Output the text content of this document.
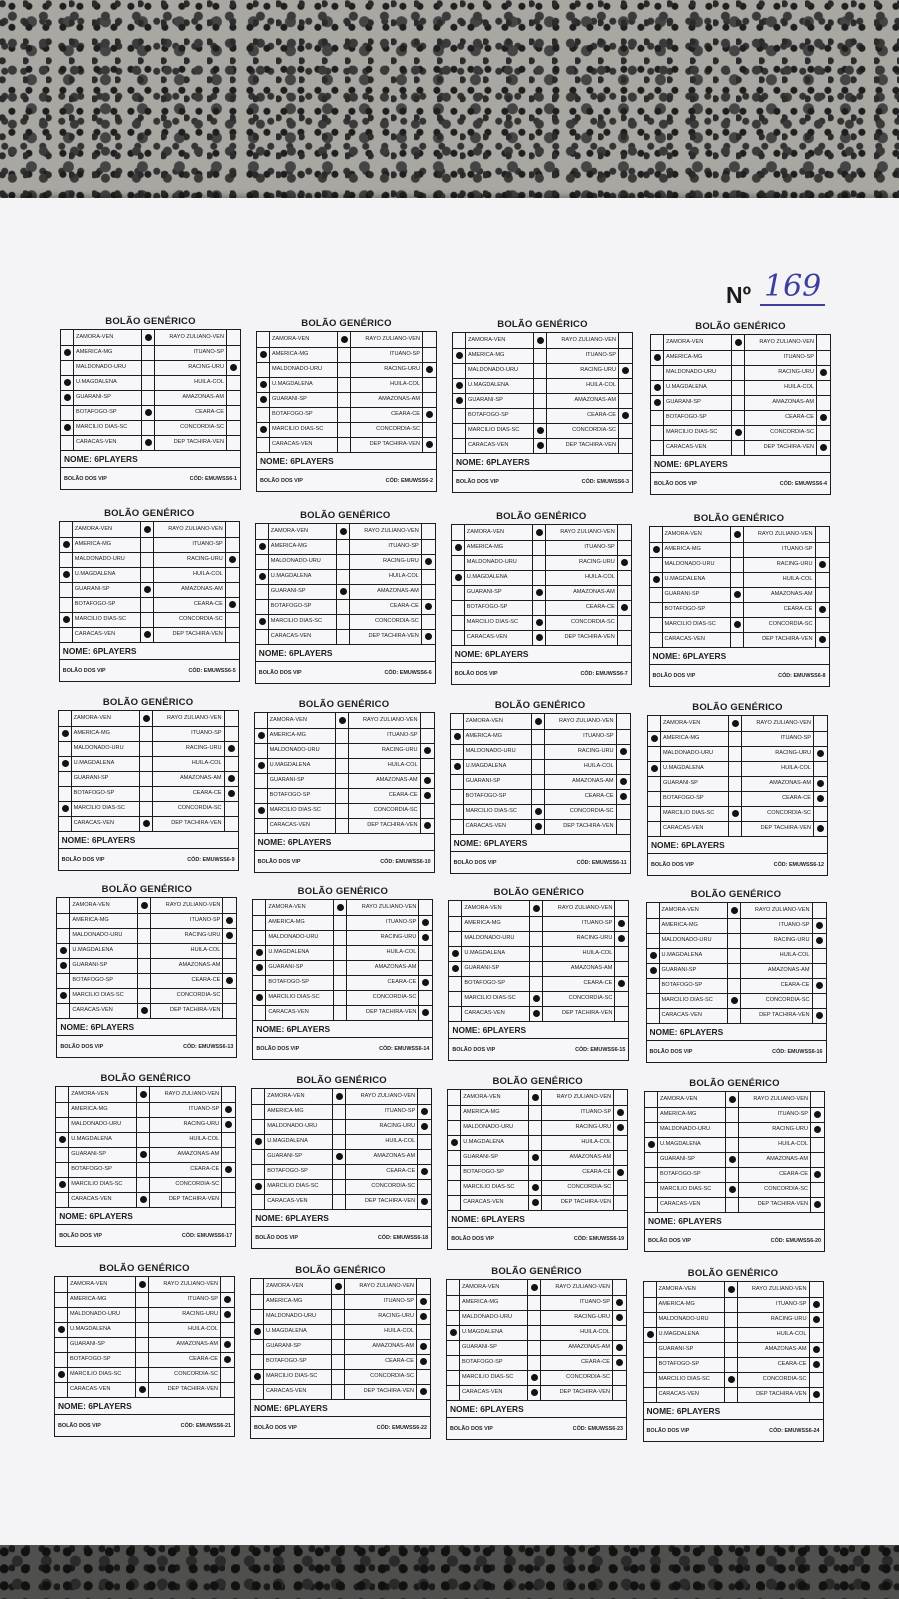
Nº 169
BOLÃO GENÉRICO
ZAMORA-VEN	RAYO ZULIANO-VEN
AMERICA-MG	ITUANO-SP
MALDONADO-URU	RACING-URU
U.MAGDALENA	HUILA-COL
GUARANI-SP	AMAZONAS-AM
BOTAFOGO-SP	CEARA-CE
MARCILIO DIAS-SC	CONCORDIA-SC
CARACAS-VEN	DEP TACHIRA-VEN
NOME: 6PLAYERS
BOLÃO DOS VIP	CÓD: EMUWSS6-1
BOLÃO GENÉRICO
ZAMORA-VEN	RAYO ZULIANO-VEN
AMERICA-MG	ITUANO-SP
MALDONADO-URU	RACING-URU
U.MAGDALENA	HUILA-COL
GUARANI-SP	AMAZONAS-AM
BOTAFOGO-SP	CEARA-CE
MARCILIO DIAS-SC	CONCORDIA-SC
CARACAS-VEN	DEP TACHIRA-VEN
NOME: 6PLAYERS
BOLÃO DOS VIP	CÓD: EMUWSS6-2
BOLÃO GENÉRICO
ZAMORA-VEN	RAYO ZULIANO-VEN
AMERICA-MG	ITUANO-SP
MALDONADO-URU	RACING-URU
U.MAGDALENA	HUILA-COL
GUARANI-SP	AMAZONAS-AM
BOTAFOGO-SP	CEARA-CE
MARCILIO DIAS-SC	CONCORDIA-SC
CARACAS-VEN	DEP TACHIRA-VEN
NOME: 6PLAYERS
BOLÃO DOS VIP	CÓD: EMUWSS6-3
BOLÃO GENÉRICO
ZAMORA-VEN	RAYO ZULIANO-VEN
AMERICA-MG	ITUANO-SP
MALDONADO-URU	RACING-URU
U.MAGDALENA	HUILA-COL
GUARANI-SP	AMAZONAS-AM
BOTAFOGO-SP	CEARA-CE
MARCILIO DIAS-SC	CONCORDIA-SC
CARACAS-VEN	DEP TACHIRA-VEN
NOME: 6PLAYERS
BOLÃO DOS VIP	CÓD: EMUWSS6-4
BOLÃO GENÉRICO
ZAMORA-VEN	RAYO ZULIANO-VEN
AMERICA-MG	ITUANO-SP
MALDONADO-URU	RACING-URU
U.MAGDALENA	HUILA-COL
GUARANI-SP	AMAZONAS-AM
BOTAFOGO-SP	CEARA-CE
MARCILIO DIAS-SC	CONCORDIA-SC
CARACAS-VEN	DEP TACHIRA-VEN
NOME: 6PLAYERS
BOLÃO DOS VIP	CÓD: EMUWSS6-5
BOLÃO GENÉRICO
ZAMORA-VEN	RAYO ZULIANO-VEN
AMERICA-MG	ITUANO-SP
MALDONADO-URU	RACING-URU
U.MAGDALENA	HUILA-COL
GUARANI-SP	AMAZONAS-AM
BOTAFOGO-SP	CEARA-CE
MARCILIO DIAS-SC	CONCORDIA-SC
CARACAS-VEN	DEP TACHIRA-VEN
NOME: 6PLAYERS
BOLÃO DOS VIP	CÓD: EMUWSS6-6
BOLÃO GENÉRICO
ZAMORA-VEN	RAYO ZULIANO-VEN
AMERICA-MG	ITUANO-SP
MALDONADO-URU	RACING-URU
U.MAGDALENA	HUILA-COL
GUARANI-SP	AMAZONAS-AM
BOTAFOGO-SP	CEARA-CE
MARCILIO DIAS-SC	CONCORDIA-SC
CARACAS-VEN	DEP TACHIRA-VEN
NOME: 6PLAYERS
BOLÃO DOS VIP	CÓD: EMUWSS6-7
BOLÃO GENÉRICO
ZAMORA-VEN	RAYO ZULIANO-VEN
AMERICA-MG	ITUANO-SP
MALDONADO-URU	RACING-URU
U.MAGDALENA	HUILA-COL
GUARANI-SP	AMAZONAS-AM
BOTAFOGO-SP	CEARA-CE
MARCILIO DIAS-SC	CONCORDIA-SC
CARACAS-VEN	DEP TACHIRA-VEN
NOME: 6PLAYERS
BOLÃO DOS VIP	CÓD: EMUWSS6-8
BOLÃO GENÉRICO
ZAMORA-VEN	RAYO ZULIANO-VEN
AMERICA-MG	ITUANO-SP
MALDONADO-URU	RACING-URU
U.MAGDALENA	HUILA-COL
GUARANI-SP	AMAZONAS-AM
BOTAFOGO-SP	CEARA-CE
MARCILIO DIAS-SC	CONCORDIA-SC
CARACAS-VEN	DEP TACHIRA-VEN
NOME: 6PLAYERS
BOLÃO DOS VIP	CÓD: EMUWSS6-9
BOLÃO GENÉRICO
ZAMORA-VEN	RAYO ZULIANO-VEN
AMERICA-MG	ITUANO-SP
MALDONADO-URU	RACING-URU
U.MAGDALENA	HUILA-COL
GUARANI-SP	AMAZONAS-AM
BOTAFOGO-SP	CEARA-CE
MARCILIO DIAS-SC	CONCORDIA-SC
CARACAS-VEN	DEP TACHIRA-VEN
NOME: 6PLAYERS
BOLÃO DOS VIP	CÓD: EMUWSS6-10
BOLÃO GENÉRICO
ZAMORA-VEN	RAYO ZULIANO-VEN
AMERICA-MG	ITUANO-SP
MALDONADO-URU	RACING-URU
U.MAGDALENA	HUILA-COL
GUARANI-SP	AMAZONAS-AM
BOTAFOGO-SP	CEARA-CE
MARCILIO DIAS-SC	CONCORDIA-SC
CARACAS-VEN	DEP TACHIRA-VEN
NOME: 6PLAYERS
BOLÃO DOS VIP	CÓD: EMUWSS6-11
BOLÃO GENÉRICO
ZAMORA-VEN	RAYO ZULIANO-VEN
AMERICA-MG	ITUANO-SP
MALDONADO-URU	RACING-URU
U.MAGDALENA	HUILA-COL
GUARANI-SP	AMAZONAS-AM
BOTAFOGO-SP	CEARA-CE
MARCILIO DIAS-SC	CONCORDIA-SC
CARACAS-VEN	DEP TACHIRA-VEN
NOME: 6PLAYERS
BOLÃO DOS VIP	CÓD: EMUWSS6-12
BOLÃO GENÉRICO
ZAMORA-VEN	RAYO ZULIANO-VEN
AMERICA-MG	ITUANO-SP
MALDONADO-URU	RACING-URU
U.MAGDALENA	HUILA-COL
GUARANI-SP	AMAZONAS-AM
BOTAFOGO-SP	CEARA-CE
MARCILIO DIAS-SC	CONCORDIA-SC
CARACAS-VEN	DEP TACHIRA-VEN
NOME: 6PLAYERS
BOLÃO DOS VIP	CÓD: EMUWSS6-13
BOLÃO GENÉRICO
ZAMORA-VEN	RAYO ZULIANO-VEN
AMERICA-MG	ITUANO-SP
MALDONADO-URU	RACING-URU
U.MAGDALENA	HUILA-COL
GUARANI-SP	AMAZONAS-AM
BOTAFOGO-SP	CEARA-CE
MARCILIO DIAS-SC	CONCORDIA-SC
CARACAS-VEN	DEP TACHIRA-VEN
NOME: 6PLAYERS
BOLÃO DOS VIP	CÓD: EMUWSS6-14
BOLÃO GENÉRICO
ZAMORA-VEN	RAYO ZULIANO-VEN
AMERICA-MG	ITUANO-SP
MALDONADO-URU	RACING-URU
U.MAGDALENA	HUILA-COL
GUARANI-SP	AMAZONAS-AM
BOTAFOGO-SP	CEARA-CE
MARCILIO DIAS-SC	CONCORDIA-SC
CARACAS-VEN	DEP TACHIRA-VEN
NOME: 6PLAYERS
BOLÃO DOS VIP	CÓD: EMUWSS6-15
BOLÃO GENÉRICO
ZAMORA-VEN	RAYO ZULIANO-VEN
AMERICA-MG	ITUANO-SP
MALDONADO-URU	RACING-URU
U.MAGDALENA	HUILA-COL
GUARANI-SP	AMAZONAS-AM
BOTAFOGO-SP	CEARA-CE
MARCILIO DIAS-SC	CONCORDIA-SC
CARACAS-VEN	DEP TACHIRA-VEN
NOME: 6PLAYERS
BOLÃO DOS VIP	CÓD: EMUWSS6-16
BOLÃO GENÉRICO
ZAMORA-VEN	RAYO ZULIANO-VEN
AMERICA-MG	ITUANO-SP
MALDONADO-URU	RACING-URU
U.MAGDALENA	HUILA-COL
GUARANI-SP	AMAZONAS-AM
BOTAFOGO-SP	CEARA-CE
MARCILIO DIAS-SC	CONCORDIA-SC
CARACAS-VEN	DEP TACHIRA-VEN
NOME: 6PLAYERS
BOLÃO DOS VIP	CÓD: EMUWSS6-17
BOLÃO GENÉRICO
ZAMORA-VEN	RAYO ZULIANO-VEN
AMERICA-MG	ITUANO-SP
MALDONADO-URU	RACING-URU
U.MAGDALENA	HUILA-COL
GUARANI-SP	AMAZONAS-AM
BOTAFOGO-SP	CEARA-CE
MARCILIO DIAS-SC	CONCORDIA-SC
CARACAS-VEN	DEP TACHIRA-VEN
NOME: 6PLAYERS
BOLÃO DOS VIP	CÓD: EMUWSS6-18
BOLÃO GENÉRICO
ZAMORA-VEN	RAYO ZULIANO-VEN
AMERICA-MG	ITUANO-SP
MALDONADO-URU	RACING-URU
U.MAGDALENA	HUILA-COL
GUARANI-SP	AMAZONAS-AM
BOTAFOGO-SP	CEARA-CE
MARCILIO DIAS-SC	CONCORDIA-SC
CARACAS-VEN	DEP TACHIRA-VEN
NOME: 6PLAYERS
BOLÃO DOS VIP	CÓD: EMUWSS6-19
BOLÃO GENÉRICO
ZAMORA-VEN	RAYO ZULIANO-VEN
AMERICA-MG	ITUANO-SP
MALDONADO-URU	RACING-URU
U.MAGDALENA	HUILA-COL
GUARANI-SP	AMAZONAS-AM
BOTAFOGO-SP	CEARA-CE
MARCILIO DIAS-SC	CONCORDIA-SC
CARACAS-VEN	DEP TACHIRA-VEN
NOME: 6PLAYERS
BOLÃO DOS VIP	CÓD: EMUWSS6-20
BOLÃO GENÉRICO
ZAMORA-VEN	RAYO ZULIANO-VEN
AMERICA-MG	ITUANO-SP
MALDONADO-URU	RACING-URU
U.MAGDALENA	HUILA-COL
GUARANI-SP	AMAZONAS-AM
BOTAFOGO-SP	CEARA-CE
MARCILIO DIAS-SC	CONCORDIA-SC
CARACAS-VEN	DEP TACHIRA-VEN
NOME: 6PLAYERS
BOLÃO DOS VIP	CÓD: EMUWSS6-21
BOLÃO GENÉRICO
ZAMORA-VEN	RAYO ZULIANO-VEN
AMERICA-MG	ITUANO-SP
MALDONADO-URU	RACING-URU
U.MAGDALENA	HUILA-COL
GUARANI-SP	AMAZONAS-AM
BOTAFOGO-SP	CEARA-CE
MARCILIO DIAS-SC	CONCORDIA-SC
CARACAS-VEN	DEP TACHIRA-VEN
NOME: 6PLAYERS
BOLÃO DOS VIP	CÓD: EMUWSS6-22
BOLÃO GENÉRICO
ZAMORA-VEN	RAYO ZULIANO-VEN
AMERICA-MG	ITUANO-SP
MALDONADO-URU	RACING-URU
U.MAGDALENA	HUILA-COL
GUARANI-SP	AMAZONAS-AM
BOTAFOGO-SP	CEARA-CE
MARCILIO DIAS-SC	CONCORDIA-SC
CARACAS-VEN	DEP TACHIRA-VEN
NOME: 6PLAYERS
BOLÃO DOS VIP	CÓD: EMUWSS6-23
BOLÃO GENÉRICO
ZAMORA-VEN	RAYO ZULIANO-VEN
AMERICA-MG	ITUANO-SP
MALDONADO-URU	RACING-URU
U.MAGDALENA	HUILA-COL
GUARANI-SP	AMAZONAS-AM
BOTAFOGO-SP	CEARA-CE
MARCILIO DIAS-SC	CONCORDIA-SC
CARACAS-VEN	DEP TACHIRA-VEN
NOME: 6PLAYERS
BOLÃO DOS VIP	CÓD: EMUWSS6-24
